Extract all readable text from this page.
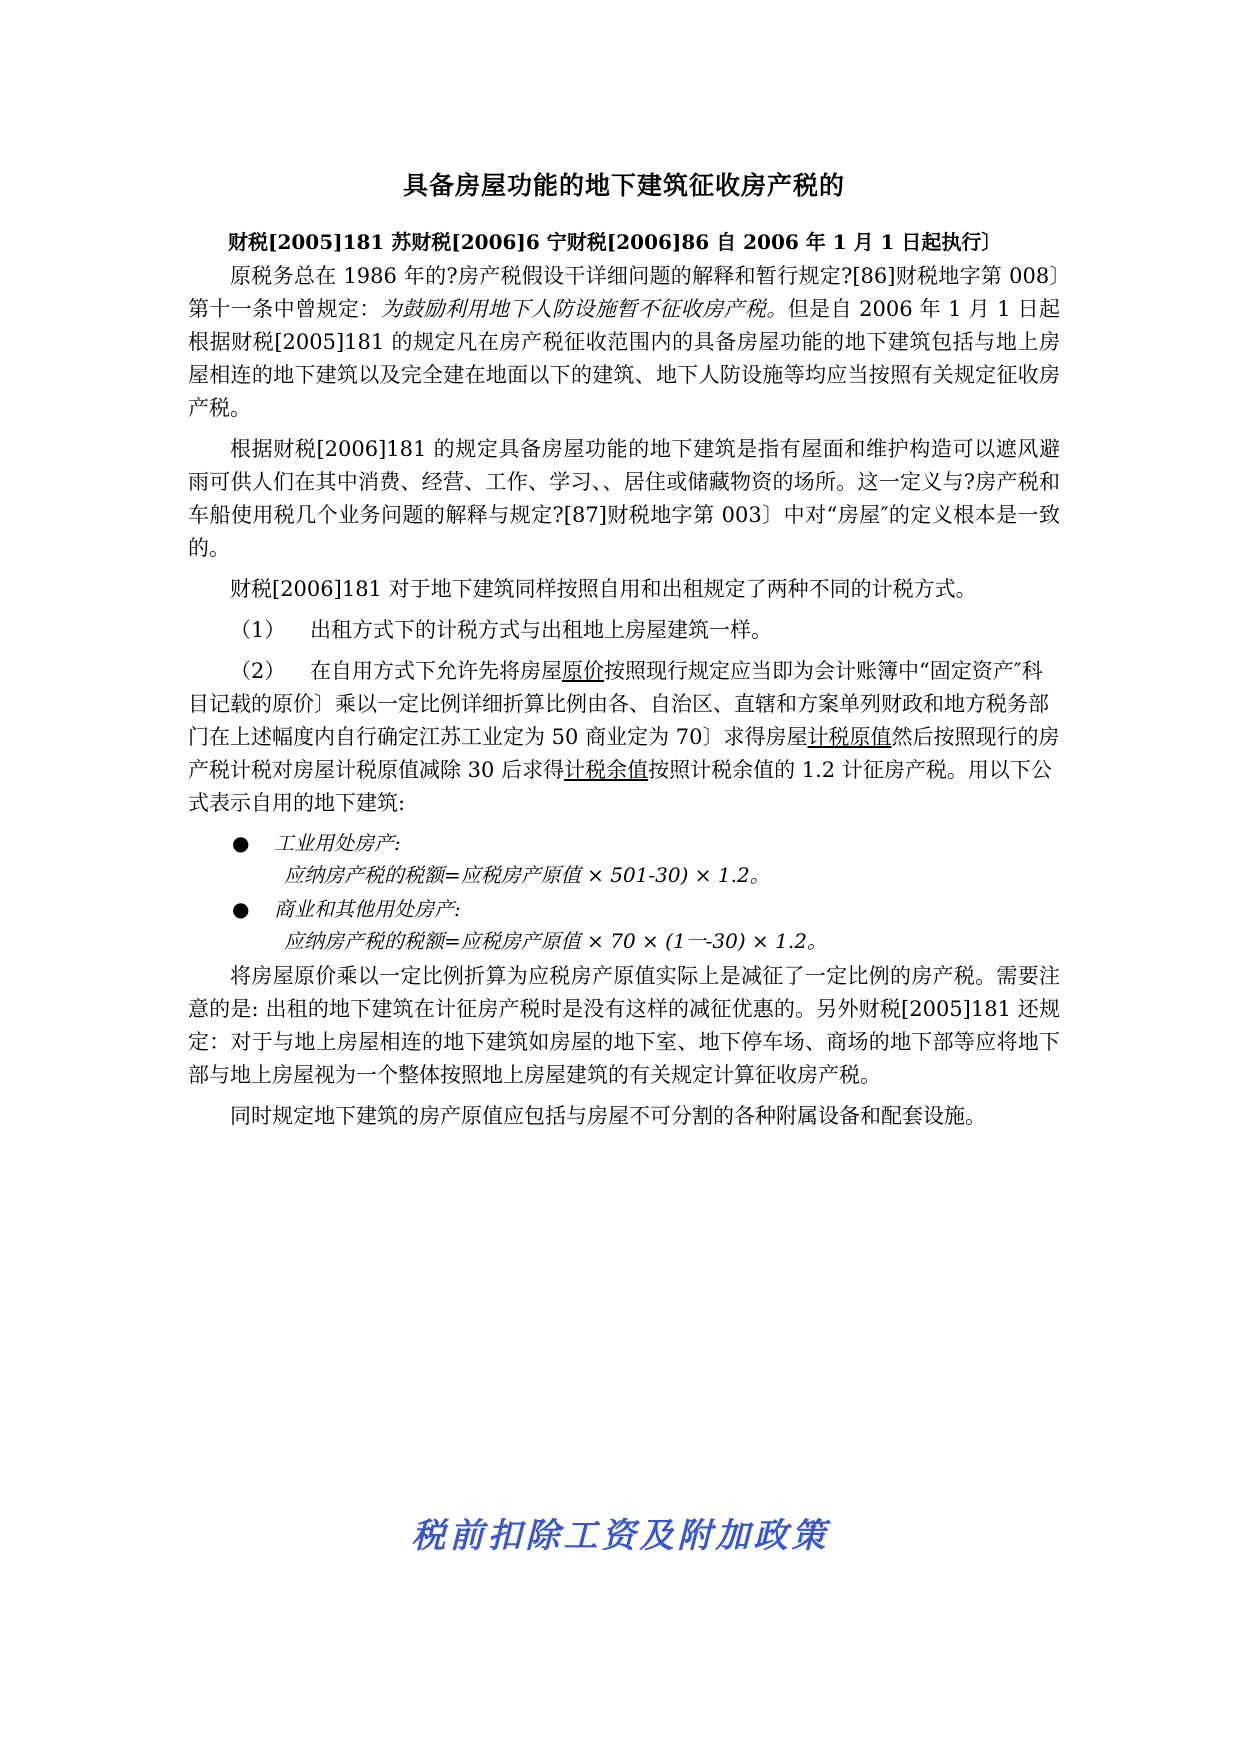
具备房屋功能的地下建筑征收房产税的
财税[2005]181 苏财税[2006]6 宁财税[2006]86 自 2006 年 1 月 1 日起执行〕

原税务总在 1986 年的?房产税假设干详细问题的解释和暂行规定?[86]财税地字第 008〕第十一条中曾规定：为鼓励利用地下人防设施暂不征收房产税。但是自 2006 年 1 月 1 日起根据财税[2005]181 的规定凡在房产税征收范围内的具备房屋功能的地下建筑包括与地上房屋相连的地下建筑以及完全建在地面以下的建筑、地下人防设施等均应当按照有关规定征收房产税。

根据财税[2006]181 的规定具备房屋功能的地下建筑是指有屋面和维护构造可以遮风避雨可供人们在其中消费、经营、工作、学习、、居住或储藏物资的场所。这一定义与?房产税和车船使用税几个业务问题的解释与规定?[87]财税地字第 003〕中对“房屋″的定义根本是一致的。

财税[2006]181 对于地下建筑同样按照自用和出租规定了两种不同的计税方式。

（1） 出租方式下的计税方式与出租地上房屋建筑一样。

（2） 在自用方式下允许先将房屋原价按照现行规定应当即为会计账簿中“固定资产″科目记载的原价〕乘以一定比例详细折算比例由各、自治区、直辖和方案单列财政和地方税务部门在上述幅度内自行确定江苏工业定为 50 商业定为 70〕求得房屋计税原值然后按照现行的房产税计税对房屋计税原值减除 30 后求得计税余值按照计税余值的 1.2 计征房产税。用以下公式表示自用的地下建筑:

● 工业用处房产:
应纳房产税的税额=应税房产原值 × 501-30) × 1.2。
● 商业和其他用处房产:
应纳房产税的税额=应税房产原值 × 70 × (1一-30) × 1.2。

将房屋原价乘以一定比例折算为应税房产原值实际上是减征了一定比例的房产税。需要注意的是: 出租的地下建筑在计征房产税时是没有这样的减征优惠的。另外财税[2005]181 还规定：对于与地上房屋相连的地下建筑如房屋的地下室、地下停车场、商场的地下部等应将地下部与地上房屋视为一个整体按照地上房屋建筑的有关规定计算征收房产税。

同时规定地下建筑的房产原值应包括与房屋不可分割的各种附属设备和配套设施。

税前扣除工资及附加政策
